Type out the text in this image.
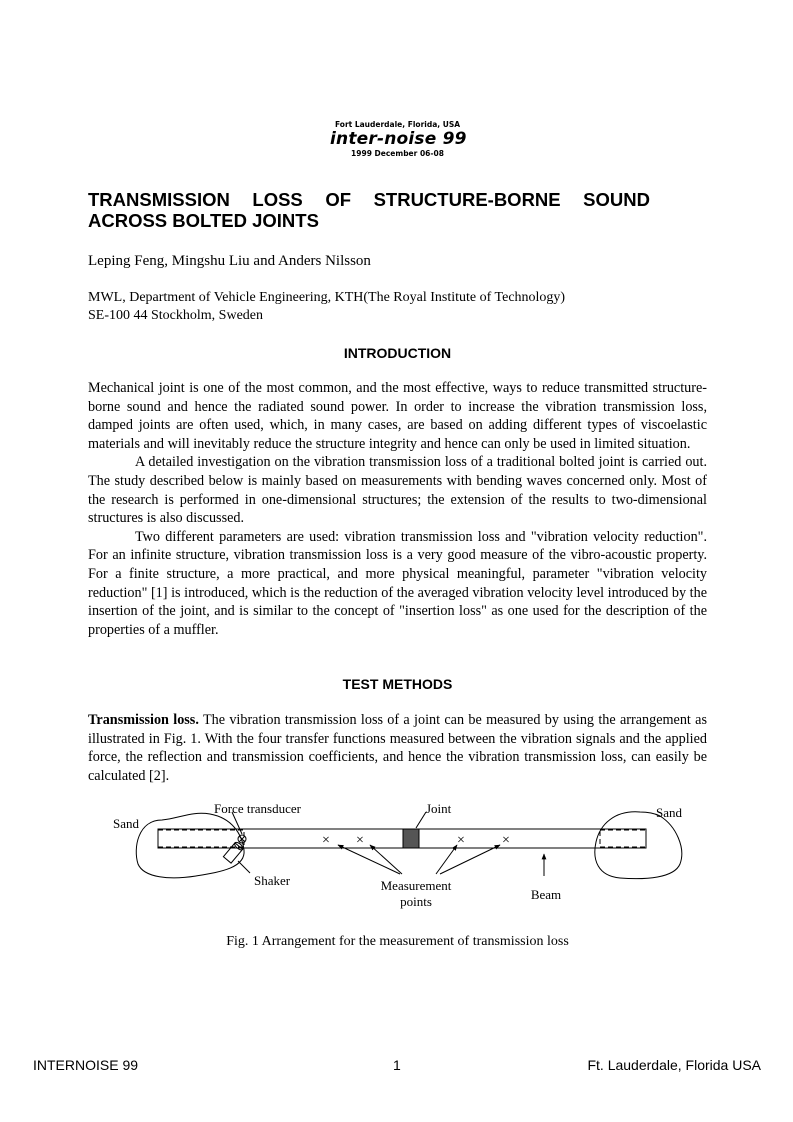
Fort Lauderdale, Florida, USA
inter-noise 99
1999 December 06-08
TRANSMISSION LOSS OF STRUCTURE-BORNE SOUND ACROSS BOLTED JOINTS
Leping Feng, Mingshu Liu and Anders Nilsson
MWL, Department of Vehicle Engineering, KTH(The Royal Institute of Technology)
SE-100 44 Stockholm, Sweden
INTRODUCTION

Mechanical joint is one of the most common, and the most effective, ways to reduce transmitted structure-borne sound and hence the radiated sound power. In order to increase the vibration transmission loss, damped joints are often used, which, in many cases, are based on adding different types of viscoelastic materials and will inevitably reduce the structure integrity and hence can only be used in limited situation.

A detailed investigation on the vibration transmission loss of a traditional bolted joint is carried out. The study described below is mainly based on measurements with bending waves concerned only. Most of the research is performed in one-dimensional structures; the extension of the results to two-dimensional structures is also discussed.

Two different parameters are used: vibration transmission loss and "vibration velocity reduction". For an infinite structure, vibration transmission loss is a very good measure of the vibro-acoustic property. For a finite structure, a more practical, and more physical meaningful, parameter "vibration velocity reduction" [1] is introduced, which is the reduction of the averaged vibration velocity level introduced by the insertion of the joint, and is similar to the concept of "insertion loss" as one used for the description of the properties of a muffler.

TEST METHODS

Transmission loss. The vibration transmission loss of a joint can be measured by using the arrangement as illustrated in Fig. 1. With the four transfer functions measured between the vibration signals and the applied force, the reflection and transmission coefficients, and hence the vibration transmission loss, can easily be calculated [2].

× ×	×	×
Force transducer	Joint
Sand
Sand
Shaker	Measurement
points	Beam
Fig. 1 Arrangement for the measurement of transmission loss
INTERNOISE 99	1	Ft. Lauderdale, Florida USA
